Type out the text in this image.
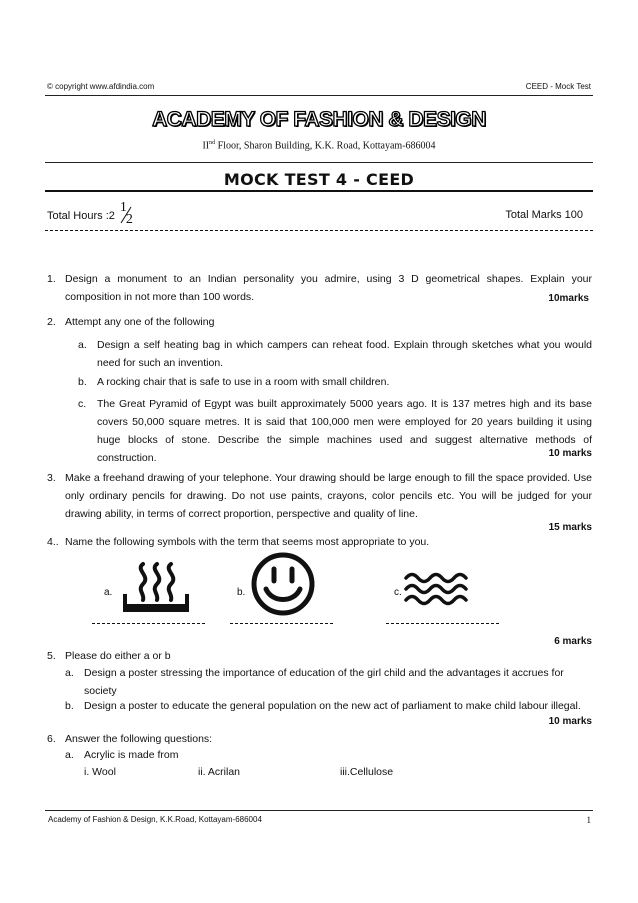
© copyright www.afdindia.com	CEED - Mock Test
ACADEMY OF FASHION & DESIGN
IInd Floor, Sharon Building, K.K. Road, Kottayam-686004
MOCK TEST 4 - CEED
Total Hours :2
1
2	Total Marks 100
1. Design a monument to an Indian personality you admire, using 3 D geometrical shapes. Explain your composition in not more than 100 words.	10marks
2. Attempt any one of the following
a. Design a self heating bag in which campers can reheat food. Explain through sketches what you would need for such an invention.
b. A rocking chair that is safe to use in a room with small children.
c. The Great Pyramid of Egypt was built approximately 5000 years ago. It is 137 metres high and its base covers 50,000 square metres. It is said that 100,000 men were employed for 20 years building it using huge blocks of stone. Describe the simple machines used and suggest alternative methods of construction.	10 marks
3. Make a freehand drawing of your telephone. Your drawing should be large enough to fill the space provided. Use only ordinary pencils for drawing. Do not use paints, crayons, color pencils etc. You will be judged for your drawing ability, in terms of correct proportion, perspective and quality of line.
15 marks
4.. Name the following symbols with the term that seems most appropriate to you.
a.	b.	c.
6 marks
5. Please do either a or b
a. Design a poster stressing the importance of education of the girl child and the advantages it accrues for society
b. Design a poster to educate the general population on the new act of parliament to make child labour illegal.
10 marks
6. Answer the following questions:
a. Acrylic is made from
i. Wool	ii. Acrilan	iii.Cellulose
Academy of Fashion & Design, K.K.Road, Kottayam-686004	1
